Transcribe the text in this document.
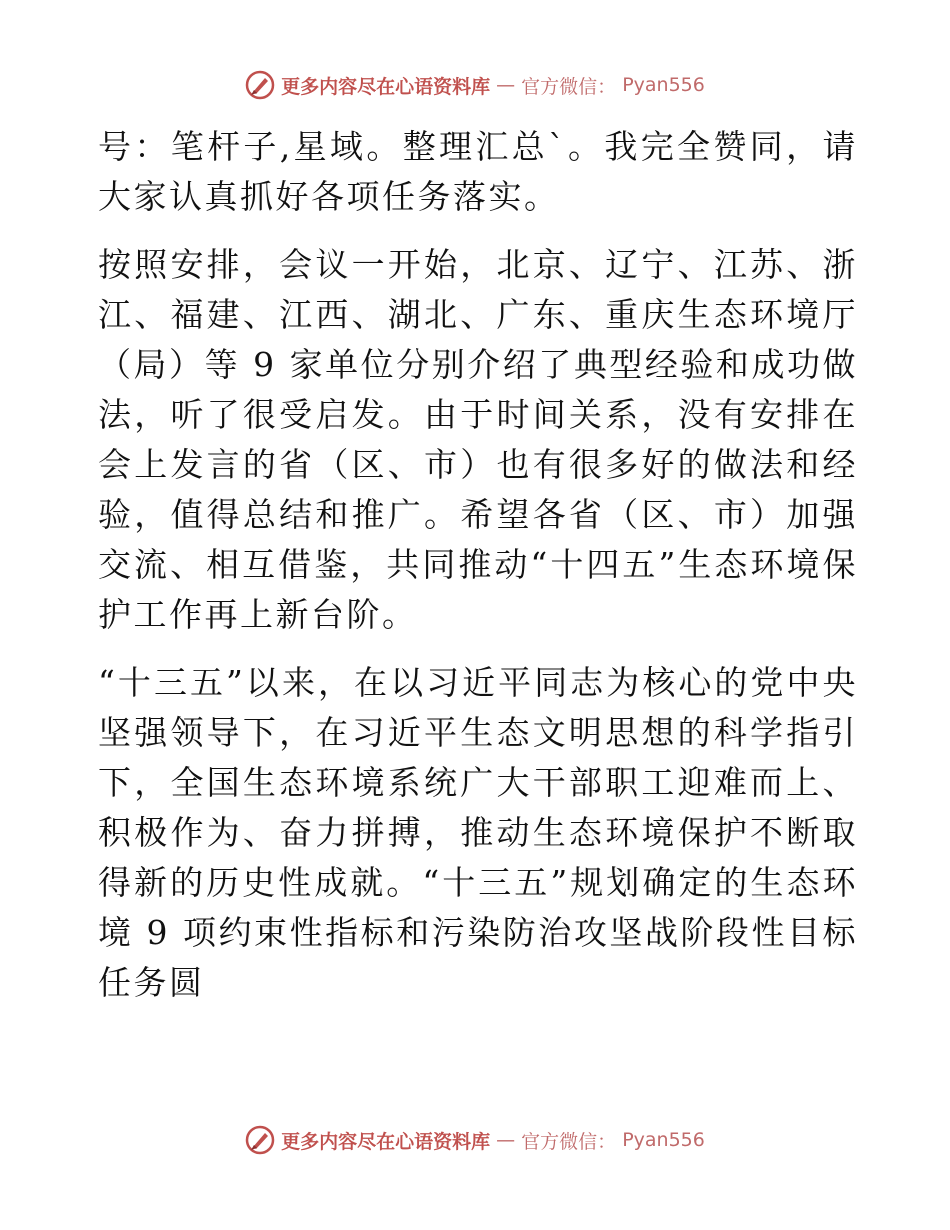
更多内容尽在心语资料库 — 官方微信： Pyan556

号：笔杆子,星域。整理汇总`。我完全赞同，请大家认真抓好各项任务落实。

按照安排，会议一开始，北京、辽宁、江苏、浙江、福建、江西、湖北、广东、重庆生态环境厅（局）等 9 家单位分别介绍了典型经验和成功做法，听了很受启发。由于时间关系，没有安排在会上发言的省（区、市）也有很多好的做法和经验，值得总结和推广。希望各省（区、市）加强交流、相互借鉴，共同推动“十四五”生态环境保护工作再上新台阶。

“十三五”以来，在以习近平同志为核心的党中央坚强领导下，在习近平生态文明思想的科学指引下，全国生态环境系统广大干部职工迎难而上、积极作为、奋力拼搏，推动生态环境保护不断取得新的历史性成就。“十三五”规划确定的生态环境 9 项约束性指标和污染防治攻坚战阶段性目标任务圆

更多内容尽在心语资料库 — 官方微信： Pyan556
